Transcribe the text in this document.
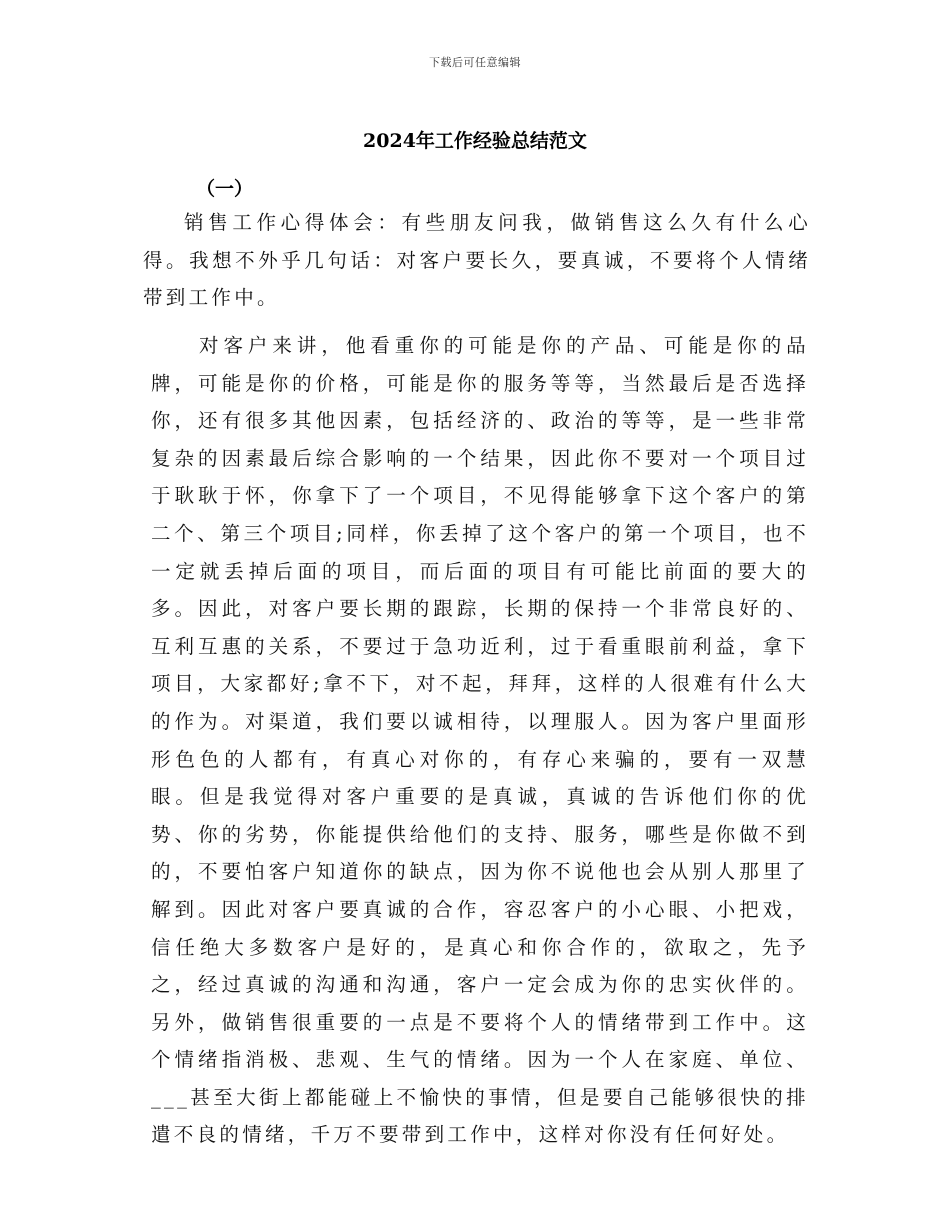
下载后可任意编辑
2024年工作经验总结范文
（一）
销售工作心得体会：有些朋友问我，做销售这么久有什么心得。我想不外乎几句话：对客户要长久，要真诚，不要将个人情绪带到工作中。
对客户来讲，他看重你的可能是你的产品、可能是你的品牌，可能是你的价格，可能是你的服务等等，当然最后是否选择你，还有很多其他因素，包括经济的、政治的等等，是一些非常复杂的因素最后综合影响的一个结果，因此你不要对一个项目过于耿耿于怀，你拿下了一个项目，不见得能够拿下这个客户的第二个、第三个项目;同样，你丢掉了这个客户的第一个项目，也不一定就丢掉后面的项目，而后面的项目有可能比前面的要大的多。因此，对客户要长期的跟踪，长期的保持一个非常良好的、互利互惠的关系，不要过于急功近利，过于看重眼前利益，拿下项目，大家都好;拿不下，对不起，拜拜，这样的人很难有什么大的作为。对渠道，我们要以诚相待，以理服人。因为客户里面形形色色的人都有，有真心对你的，有存心来骗的，要有一双慧眼。但是我觉得对客户重要的是真诚，真诚的告诉他们你的优势、你的劣势，你能提供给他们的支持、服务，哪些是你做不到的，不要怕客户知道你的缺点，因为你不说他也会从别人那里了解到。因此对客户要真诚的合作，容忍客户的小心眼、小把戏，信任绝大多数客户是好的，是真心和你合作的，欲取之，先予之，经过真诚的沟通和沟通，客户一定会成为你的忠实伙伴的。另外，做销售很重要的一点是不要将个人的情绪带到工作中。这个情绪指消极、悲观、生气的情绪。因为一个人在家庭、单位、___甚至大街上都能碰上不愉快的事情，但是要自己能够很快的排遣不良的情绪，千万不要带到工作中，这样对你没有任何好处。
